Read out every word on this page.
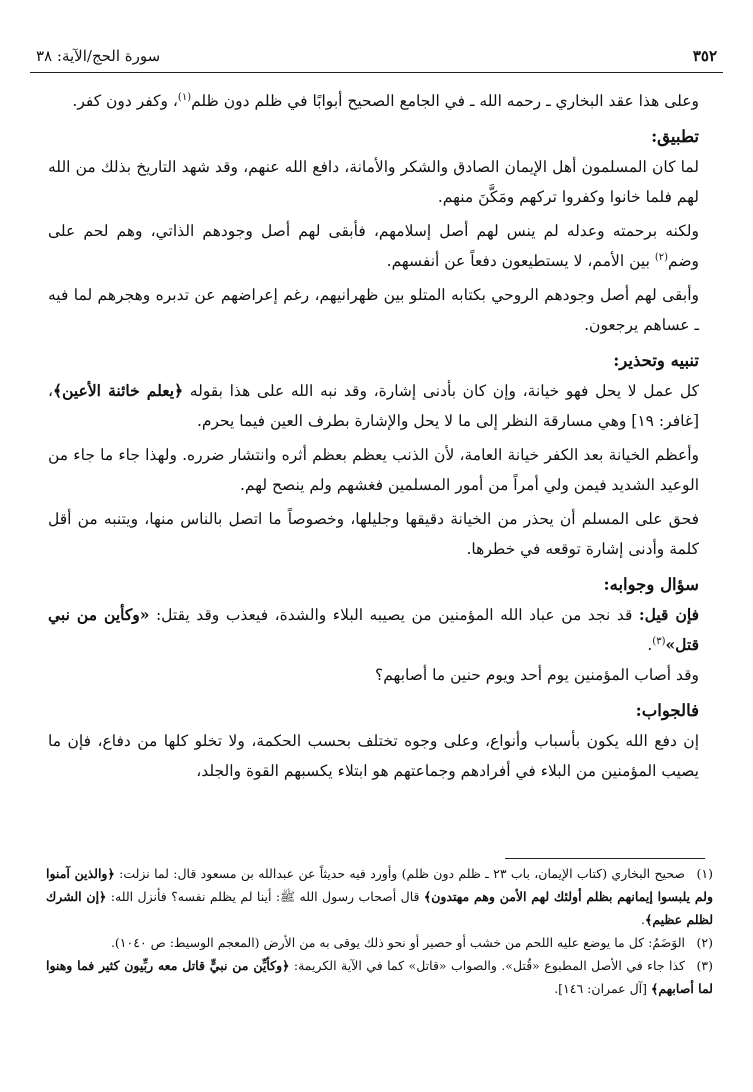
٣٥٢
سورة الحج/الآية: ٣٨

وعلى هذا عقد البخاري ـ رحمه الله ـ في الجامع الصحيح أبوابًا في ظلم دون ظلم$^{(١)}$، وكفر دون كفر.

تطبيق:

لما كان المسلمون أهل الإيمان الصادق والشكر والأمانة، دافع الله عنهم، وقد شهد التاريخ بذلك من الله لهم فلما خانوا وكفروا تركهم ومَكَّنَ منهم.

ولكنه برحمته وعدله لم ينس لهم أصل إسلامهم، فأبقى لهم أصل وجودهم الذاتي، وهم لحم على وضم$^{(٢)}$ بين الأمم، لا يستطيعون دفعاً عن أنفسهم.

وأبقى لهم أصل وجودهم الروحي بكتابه المتلو بين ظهرانيهم، رغم إعراضهم عن تدبره وهجرهم لما فيه ـ عساهم يرجعون.

تنبيه وتحذير:

كل عمل لا يحل فهو خيانة، وإن كان بأدنى إشارة، وقد نبه الله على هذا بقوله ﴿يعلم خائنة الأعين﴾، [غافر: ١٩] وهي مسارقة النظر إلى ما لا يحل والإشارة بطرف العين فيما يحرم.

وأعظم الخيانة بعد الكفر خيانة العامة، لأن الذنب يعظم بعظم أثره وانتشار ضرره. ولهذا جاء ما جاء من الوعيد الشديد فيمن ولي أمراً من أمور المسلمين فغشهم ولم ينصح لهم.

فحق على المسلم أن يحذر من الخيانة دقيقها وجليلها، وخصوصاً ما اتصل بالناس منها، ويتنبه من أقل كلمة وأدنى إشارة توقعه في خطرها.

سؤال وجوابه:

فإن قيل: قد نجد من عباد الله المؤمنين من يصيبه البلاء والشدة، فيعذب وقد يقتل: «وكأين من نبي قتل»$^{(٣)}$.

وقد أصاب المؤمنين يوم أحد ويوم حنين ما أصابهم؟

فالجواب:

إن دفع الله يكون بأسباب وأنواع، وعلى وجوه تختلف بحسب الحكمة، ولا تخلو كلها من دفاع، فإن ما يصيب المؤمنين من البلاء في أفرادهم وجماعتهم هو ابتلاء يكسبهم القوة والجلد،

(١)صحيح البخاري (كتاب الإيمان، باب ٢٣ ـ ظلم دون ظلم) وأورد فيه حديثاً عن عبدالله بن مسعود قال: لما نزلت: ﴿والذين آمنوا ولم يلبسوا إيمانهم بظلم أولئك لهم الأمن وهم مهتدون﴾ قال أصحاب رسول الله ﷺ: أينا لم يظلم نفسه؟ فأنزل الله: ﴿إن الشرك لظلم عظيم﴾.

(٢)الوَضَمُ: كل ما يوضع عليه اللحم من خشب أو حصير أو نحو ذلك يوقى به من الأرض (المعجم الوسيط: ص ١٠٤٠).

(٣)كذا جاء في الأصل المطبوع «قُتل». والصواب «قاتل» كما في الآية الكريمة: ﴿وكأيِّن من نبيٍّ قاتل معه ربِّيون كثير فما وهنوا لما أصابهم﴾ [آل عمران: ١٤٦].
